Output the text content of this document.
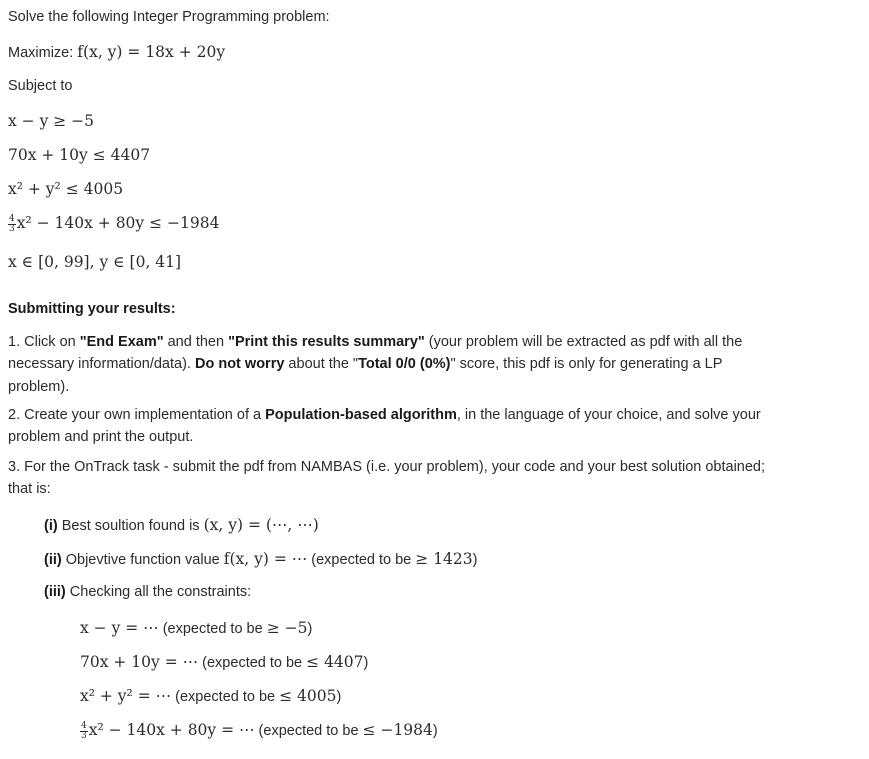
Solve the following Integer Programming problem:
Maximize: f(x, y) = 18x + 20y
Subject to
x − y ≥ −5
70x + 10y ≤ 4407
x² + y² ≤ 4005
$\frac{4}{3} x^2 - 140x + 80y \le -1984$
x ∈ [0, 99], y ∈ [0, 41]
Submitting your results:
1. Click on "End Exam" and then "Print this results summary" (your problem will be extracted as pdf with all the necessary information/data). Do not worry about the "Total 0/0 (0%)" score, this pdf is only for generating a LP problem).
2. Create your own implementation of a Population-based algorithm, in the language of your choice, and solve your problem and print the output.
3. For the OnTrack task - submit the pdf from NAMBAS (i.e. your problem), your code and your best solution obtained; that is:
(i) Best soultion found is (x, y) = (⋯, ⋯)
(ii) Objevtive function value f(x, y) = ⋯ (expected to be ≥ 1423)
(iii) Checking all the constraints:
x − y = ⋯ (expected to be ≥ −5)
70x + 10y = ⋯ (expected to be ≤ 4407)
x² + y² = ⋯ (expected to be ≤ 4005)
$\frac{4}{3} x^2 - 140x + 80y$ = ⋯ (expected to be ≤ −1984)
